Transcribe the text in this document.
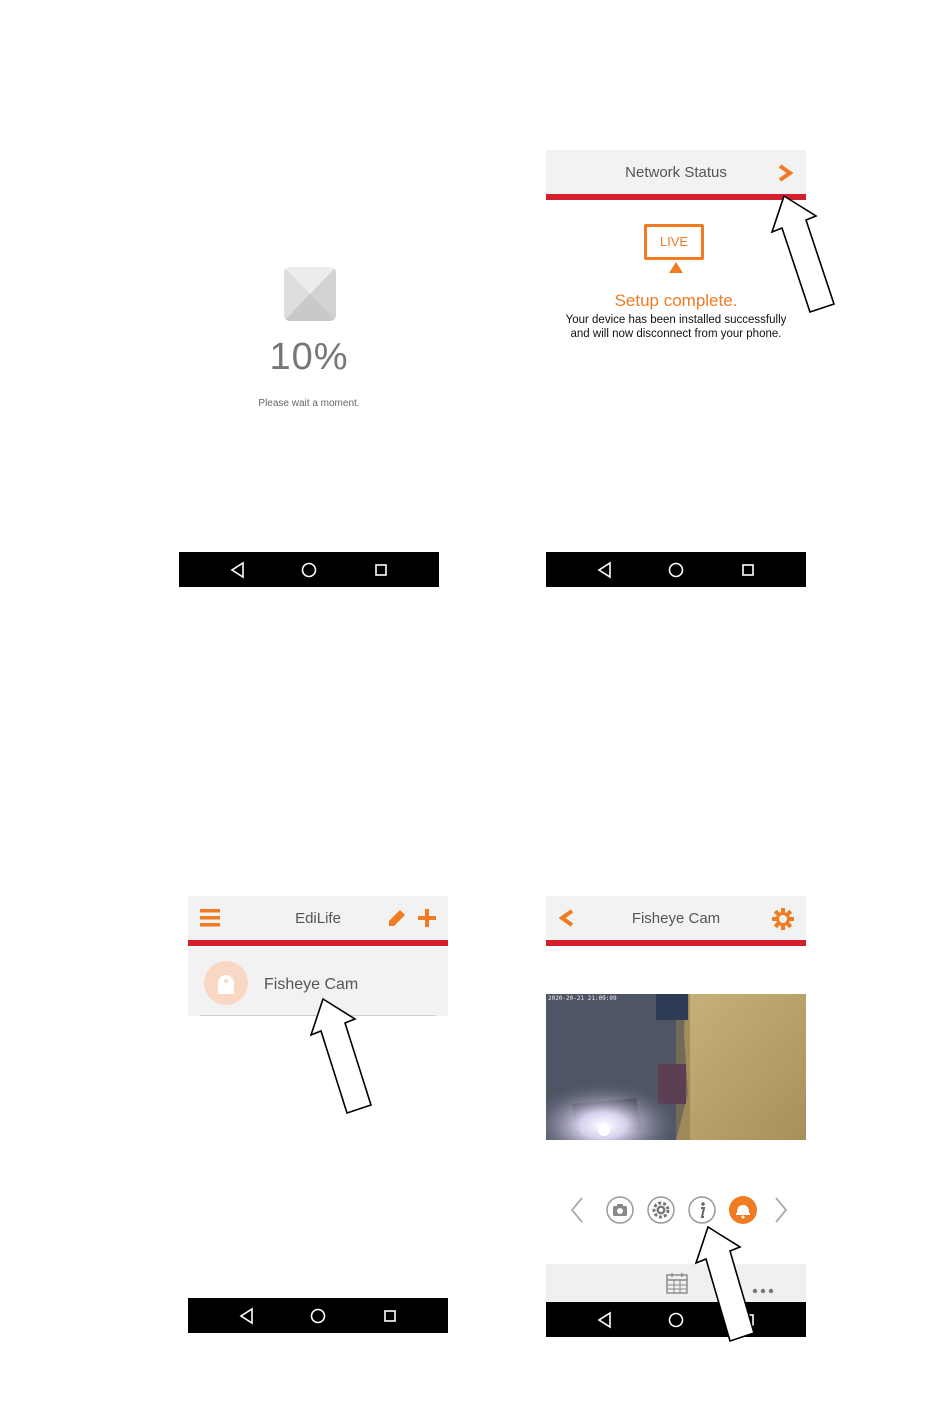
10%
Please wait a moment.
Network Status
LIVE
Setup complete.
Your device has been installed successfully
and will now disconnect from your phone.
EdiLife
Fisheye Cam
Fisheye Cam
2020-20-21 21:09:09
